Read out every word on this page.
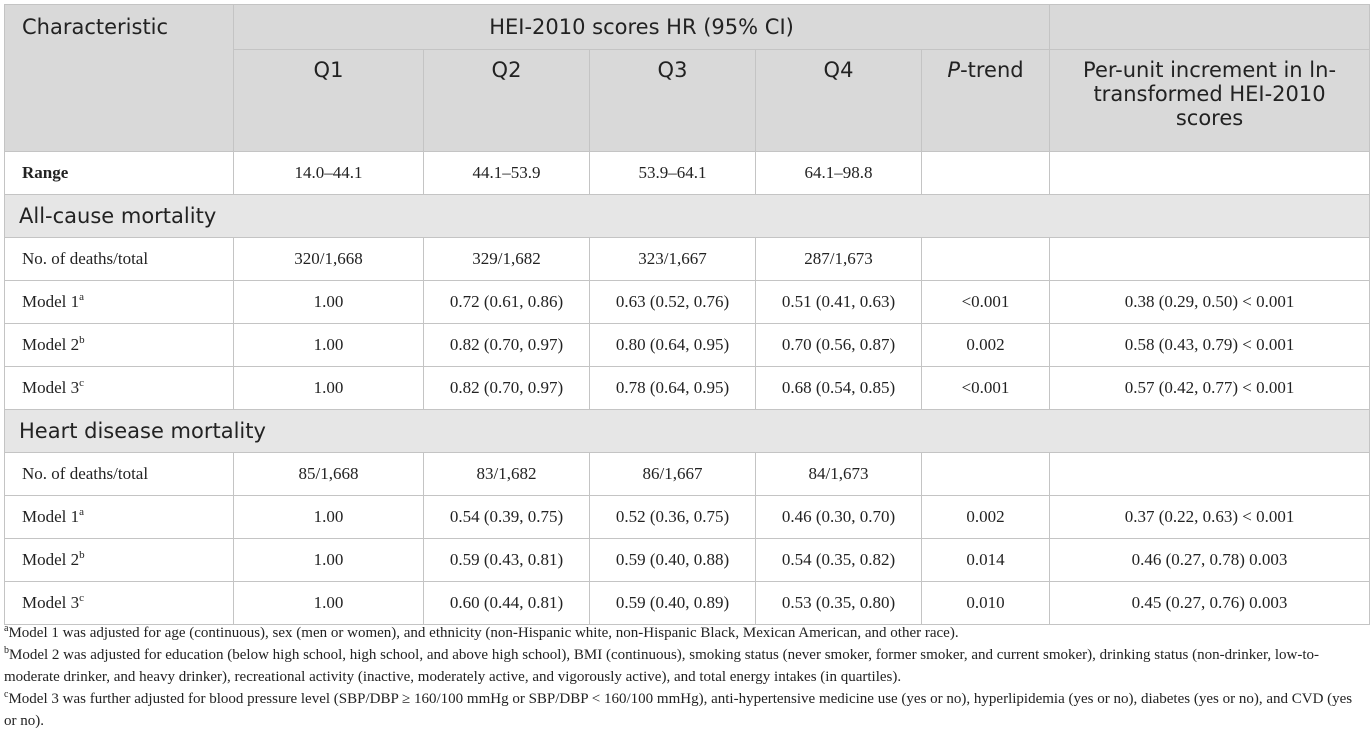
Characteristic	HEI-2010 scores HR (95% CI)					
	Q1	Q2	Q3	Q4	P-trend	Per-unit increment in ln-transformed HEI-2010 scores
Range	14.0–44.1	44.1–53.9	53.9–64.1	64.1–98.8		
All-cause mortality						
No. of deaths/total	320/1,668	329/1,682	323/1,667	287/1,673		
Model 1$^a$	1.00	0.72 (0.61, 0.86)	0.63 (0.52, 0.76)	0.51 (0.41, 0.63)	<0.001	0.38 (0.29, 0.50) < 0.001
Model 2$^b$	1.00	0.82 (0.70, 0.97)	0.80 (0.64, 0.95)	0.70 (0.56, 0.87)	0.002	0.58 (0.43, 0.79) < 0.001
Model 3$^c$	1.00	0.82 (0.70, 0.97)	0.78 (0.64, 0.95)	0.68 (0.54, 0.85)	<0.001	0.57 (0.42, 0.77) < 0.001
Heart disease mortality						
No. of deaths/total	85/1,668	83/1,682	86/1,667	84/1,673		
Model 1$^a$	1.00	0.54 (0.39, 0.75)	0.52 (0.36, 0.75)	0.46 (0.30, 0.70)	0.002	0.37 (0.22, 0.63) < 0.001
Model 2$^b$	1.00	0.59 (0.43, 0.81)	0.59 (0.40, 0.88)	0.54 (0.35, 0.82)	0.014	0.46 (0.27, 0.78) 0.003
Model 3$^c$	1.00	0.60 (0.44, 0.81)	0.59 (0.40, 0.89)	0.53 (0.35, 0.80)	0.010	0.45 (0.27, 0.76) 0.003

$^a$Model 1 was adjusted for age (continuous), sex (men or women), and ethnicity (non-Hispanic white, non-Hispanic Black, Mexican American, and other race).

$^b$Model 2 was adjusted for education (below high school, high school, and above high school), BMI (continuous), smoking status (never smoker, former smoker, and current smoker), drinking status (non-drinker, low-to-moderate drinker, and heavy drinker), recreational activity (inactive, moderately active, and vigorously active), and total energy intakes (in quartiles).

$^c$Model 3 was further adjusted for blood pressure level (SBP/DBP ≥ 160/100 mmHg or SBP/DBP < 160/100 mmHg), anti-hypertensive medicine use (yes or no), hyperlipidemia (yes or no), diabetes (yes or no), and CVD (yes or no).
